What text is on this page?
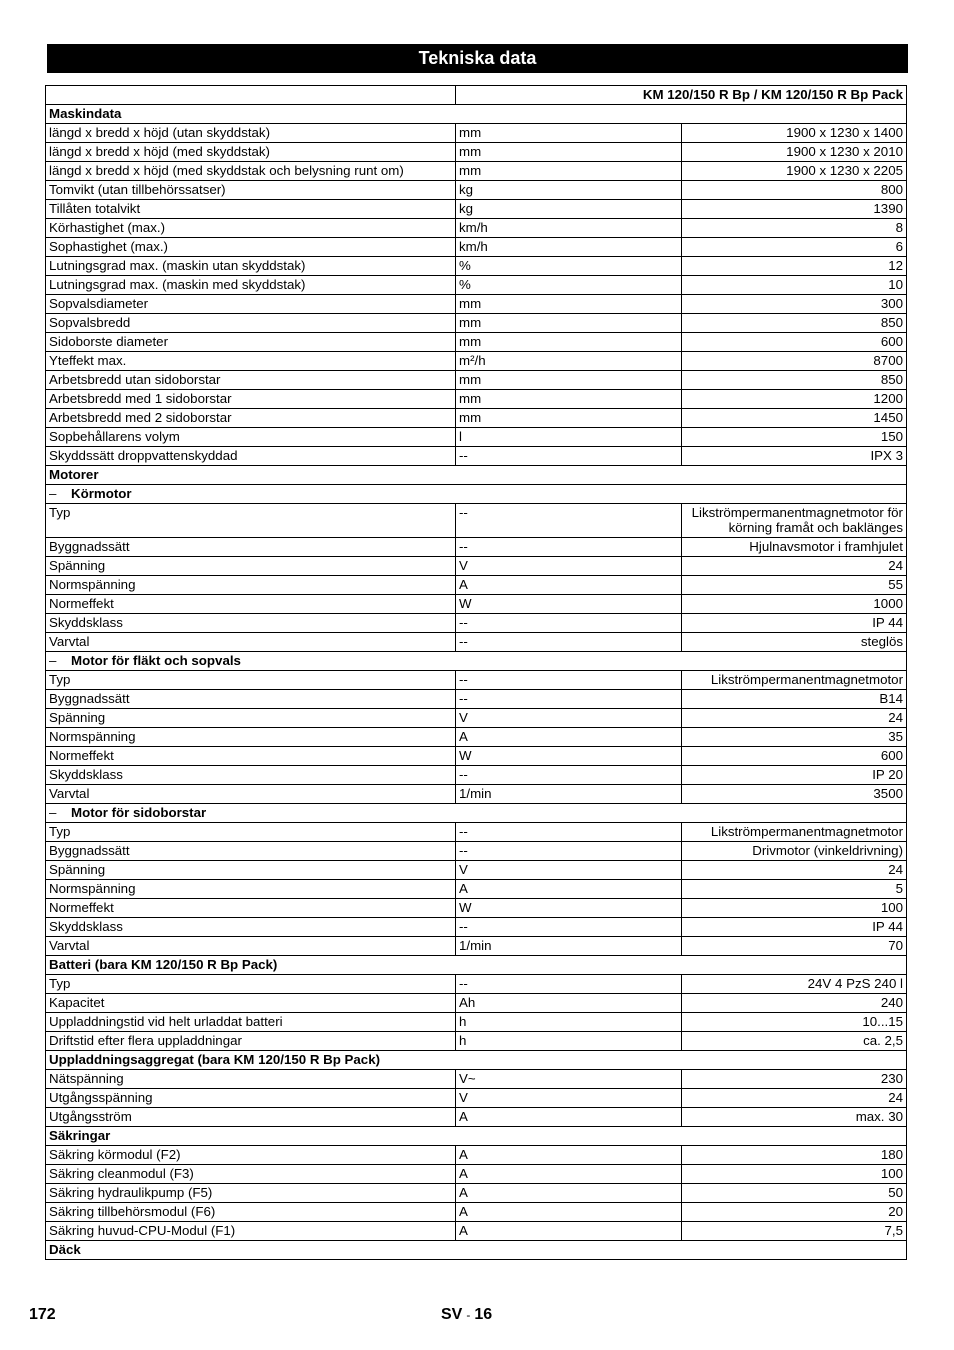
Tekniska data
	KM 120/150 R Bp / KM 120/150 R Bp Pack	
Maskindata		
längd x bredd x höjd (utan skyddstak)	mm	1900 x 1230 x 1400
längd x bredd x höjd (med skyddstak)	mm	1900 x 1230 x 2010
längd x bredd x höjd (med skyddstak och belysning runt om)	mm	1900 x 1230 x 2205
Tomvikt (utan tillbehörssatser)	kg	800
Tillåten totalvikt	kg	1390
Körhastighet (max.)	km/h	8
Sophastighet (max.)	km/h	6
Lutningsgrad max. (maskin utan skyddstak)	%	12
Lutningsgrad max. (maskin med skyddstak)	%	10
Sopvalsdiameter	mm	300
Sopvalsbredd	mm	850
Sidoborste diameter	mm	600
Yteffekt max.	m²/h	8700
Arbetsbredd utan sidoborstar	mm	850
Arbetsbredd med 1 sidoborstar	mm	1200
Arbetsbredd med 2 sidoborstar	mm	1450
Sopbehållarens volym	l	150
Skyddssätt droppvattenskyddad	--	IPX 3
Motorer		
– Körmotor		
Typ	--	Likströmpermanentmagnetmotor för körning framåt och baklänges
Byggnadssätt	--	Hjulnavsmotor i framhjulet
Spänning	V	24
Normspänning	A	55
Normeffekt	W	1000
Skyddsklass	--	IP 44
Varvtal	--	steglös
– Motor för fläkt och sopvals		
Typ	--	Likströmpermanentmagnetmotor
Byggnadssätt	--	B14
Spänning	V	24
Normspänning	A	35
Normeffekt	W	600
Skyddsklass	--	IP 20
Varvtal	1/min	3500
– Motor för sidoborstar		
Typ	--	Likströmpermanentmagnetmotor
Byggnadssätt	--	Drivmotor (vinkeldrivning)
Spänning	V	24
Normspänning	A	5
Normeffekt	W	100
Skyddsklass	--	IP 44
Varvtal	1/min	70
Batteri (bara KM 120/150 R Bp Pack)		
Typ	--	24V 4 PzS 240 l
Kapacitet	Ah	240
Uppladdningstid vid helt urladdat batteri	h	10...15
Driftstid efter flera uppladdningar	h	ca. 2,5
Uppladdningsaggregat (bara KM 120/150 R Bp Pack)		
Nätspänning	V~	230
Utgångsspänning	V	24
Utgångsström	A	max. 30
Säkringar		
Säkring körmodul (F2)	A	180
Säkring cleanmodul (F3)	A	100
Säkring hydraulikpump (F5)	A	50
Säkring tillbehörsmodul (F6)	A	20
Säkring huvud-CPU-Modul (F1)	A	7,5
Däck		
172	SV - 16
